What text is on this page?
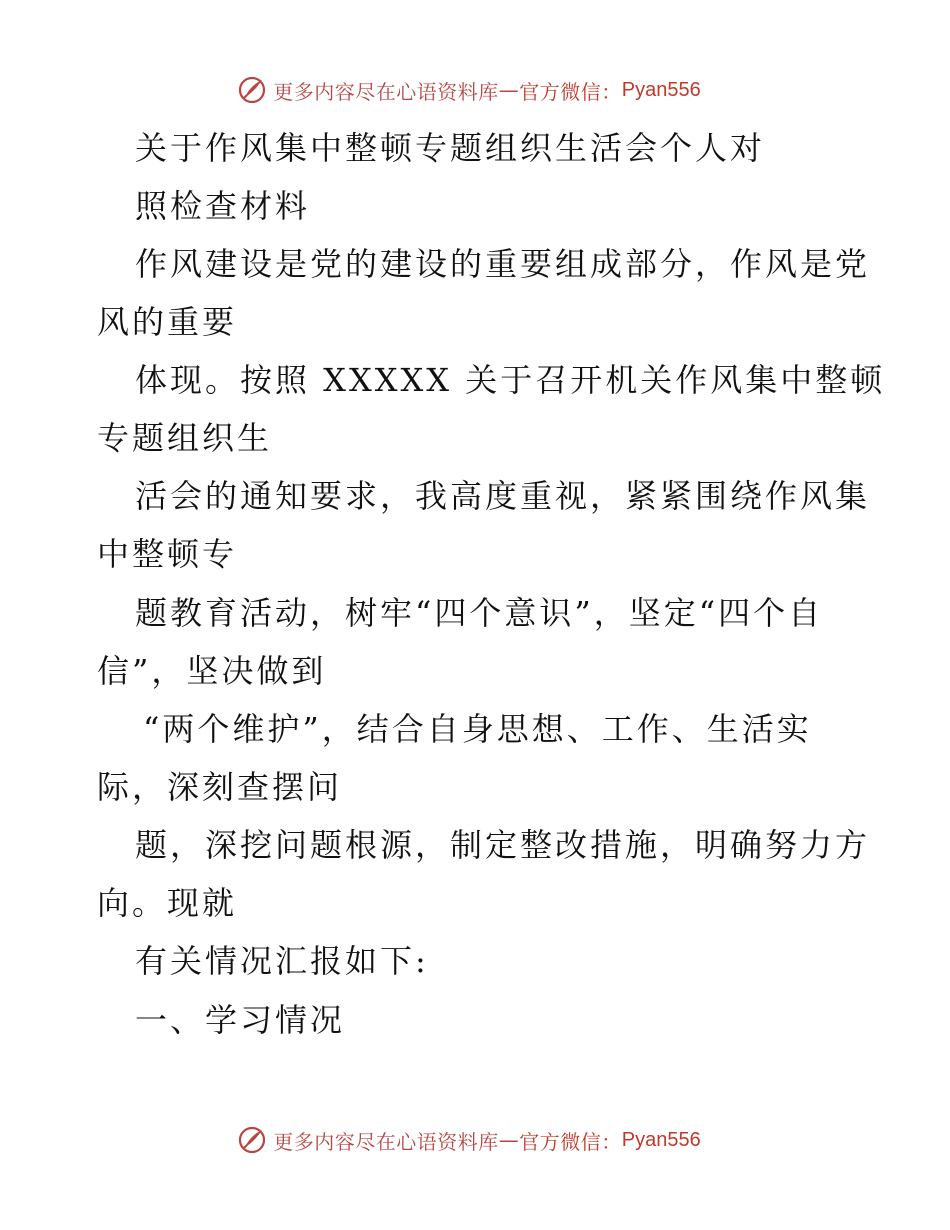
更多内容尽在心语资料库 — 官方微信： Pyan556
关于作风集中整顿专题组织生活会个人对
照检查材料
作风建设是党的建设的重要组成部分，作风是党
风的重要
体现。按照 XXXXX 关于召开机关作风集中整顿
专题组织生
活会的通知要求，我高度重视，紧紧围绕作风集
中整顿专
题教育活动，树牢“四个意识”，坚定“四个自
信”，坚决做到
“两个维护”，结合自身思想、工作、生活实
际，深刻查摆问
题，深挖问题根源，制定整改措施，明确努力方
向。现就
有关情况汇报如下:
一、学习情况
更多内容尽在心语资料库 — 官方微信： Pyan556
